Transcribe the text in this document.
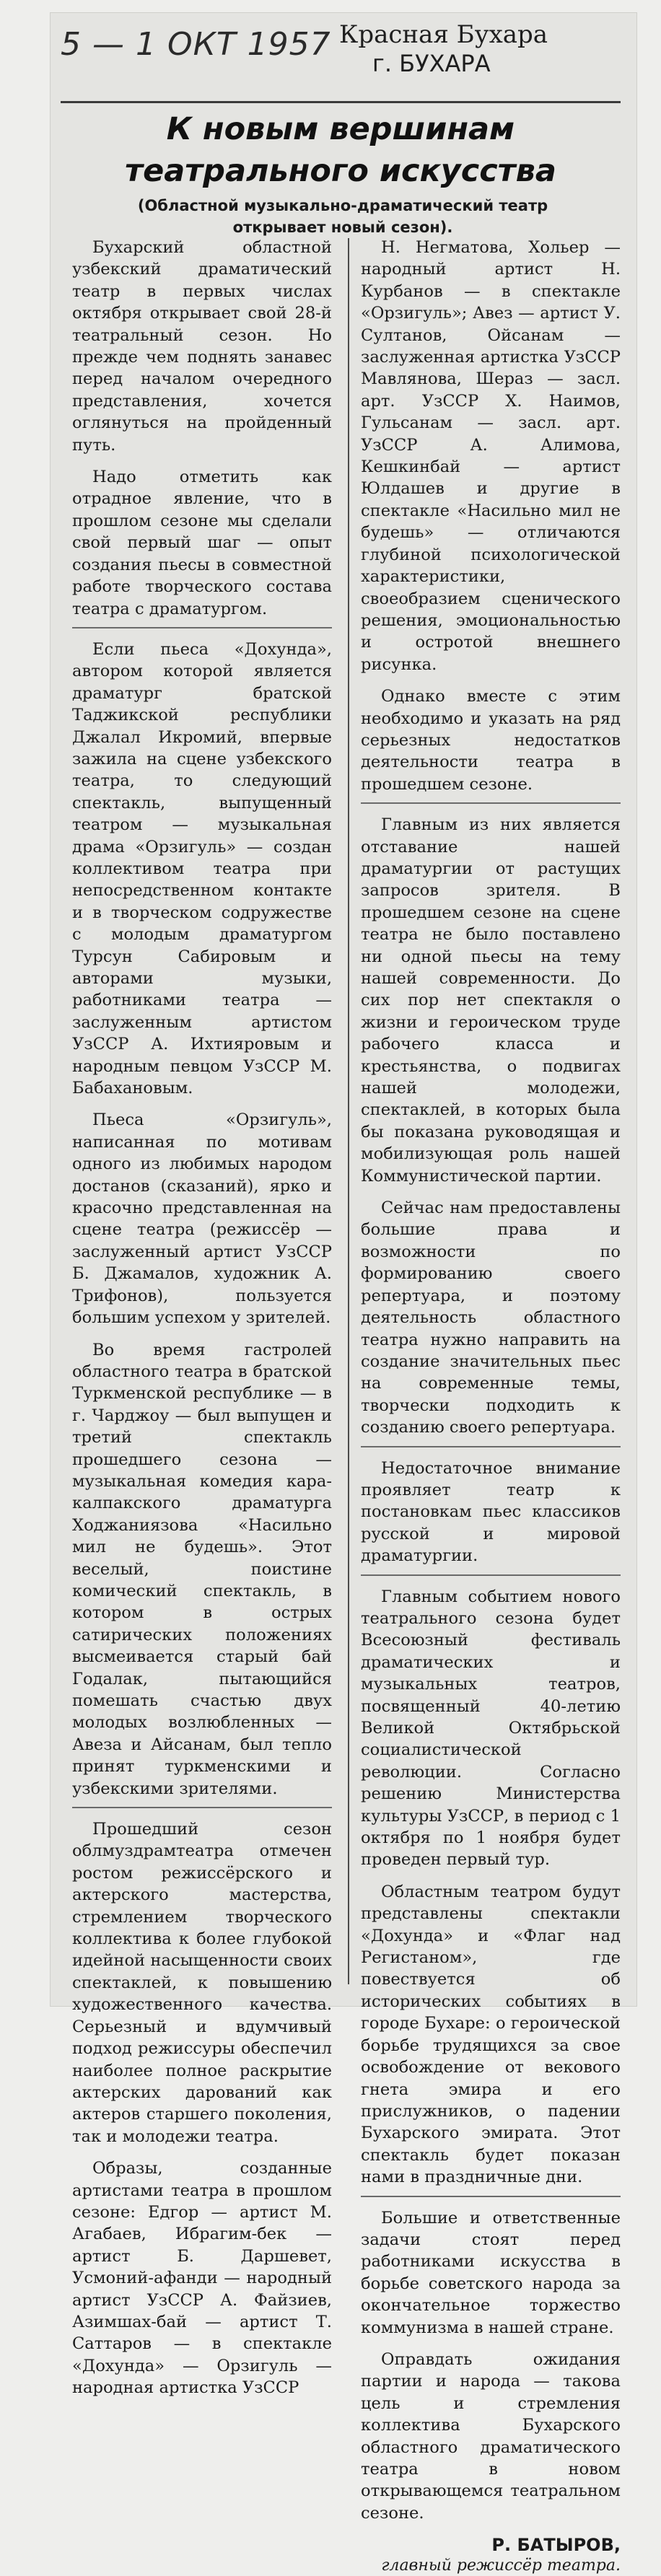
5 — 1 ОКТ 1957 Красная Бухара
г. БУХАРА
К новым вершинам театрального искусства
(Областной музыкально-драматический театр открывает новый сезон).

Бухарский областной узбекский драматический театр в первых числах октября открывает свой 28-й театральный сезон. Но прежде чем поднять занавес перед началом очередного представления, хочется оглянуться на пройденный путь.

Надо отметить как отрадное явление, что в прошлом сезоне мы сделали свой первый шаг — опыт создания пьесы в совместной работе творческого состава театра с драматургом.

Если пьеса «Дохунда», автором которой является драматург братской Таджикской республики Джалал Икромий, впервые зажила на сцене узбекского театра, то следующий спектакль, выпущенный театром — музыкальная драма «Орзигуль» — создан коллективом театра при непосредственном контакте и в творческом содружестве с молодым драматургом Турсун Сабировым и авторами музыки, работниками театра — заслуженным артистом УзССР А. Ихтияровым и народным певцом УзССР М. Бабахановым.

Пьеса «Орзигуль», написанная по мотивам одного из любимых народом достанов (сказаний), ярко и красочно представленная на сцене театра (режиссёр — заслуженный артист УзССР Б. Джамалов, художник А. Трифонов), пользуется большим успехом у зрителей.

Во время гастролей областного театра в братской Туркменской республике — в г. Чарджоу — был выпущен и третий спектакль прошедшего сезона — музыкальная комедия кара-калпакского драматурга Ходжаниязова «Насильно мил не будешь». Этот веселый, поистине комический спектакль, в котором в острых сатирических положениях высмеивается старый бай Годалак, пытающийся помешать счастью двух молодых возлюбленных — Авеза и Айсанам, был тепло принят туркменскими и узбекскими зрителями.

Прошедший сезон облмуздрамтеатра отмечен ростом режиссёрского и актерского мастерства, стремлением творческого коллектива к более глубокой идейной насыщенности своих спектаклей, к повышению художественного качества. Серьезный и вдумчивый подход режиссуры обеспечил наиболее полное раскрытие актерских дарований как актеров старшего поколения, так и молодежи театра.

Образы, созданные артистами театра в прошлом сезоне: Едгор — артист М. Агабаев, Ибрагим-бек — артист Б. Даршевет, Усмоний-афанди — народный артист УзССР А. Файзиев, Азимшах-бай — артист Т. Саттаров — в спектакле «Дохунда» — Орзигуль — народная артистка УзССР

Н. Негматова, Хольер — народный артист Н. Курбанов — в спектакле «Орзигуль»; Авез — артист У. Султанов, Ойсанам — заслуженная артистка УзССР Мавлянова, Шераз — засл. арт. УзССР Х. Наимов, Гульсанам — засл. арт. УзССР А. Алимова, Кешкинбай — артист Юлдашев и другие в спектакле «Насильно мил не будешь» — отличаются глубиной психологической характеристики, своеобразием сценического решения, эмоциональностью и остротой внешнего рисунка.

Однако вместе с этим необходимо и указать на ряд серьезных недостатков деятельности театра в прошедшем сезоне.

Главным из них является отставание нашей драматургии от растущих запросов зрителя. В прошедшем сезоне на сцене театра не было поставлено ни одной пьесы на тему нашей современности. До сих пор нет спектакля о жизни и героическом труде рабочего класса и крестьянства, о подвигах нашей молодежи, спектаклей, в которых была бы показана руководящая и мобилизующая роль нашей Коммунистической партии.

Сейчас нам предоставлены большие права и возможности по формированию своего репертуара, и поэтому деятельность областного театра нужно направить на создание значительных пьес на современные темы, творчески подходить к созданию своего репертуара.

Недостаточное внимание проявляет театр к постановкам пьес классиков русской и мировой драматургии.

Главным событием нового театрального сезона будет Всесоюзный фестиваль драматических и музыкальных театров, посвященный 40-летию Великой Октябрьской социалистической революции. Согласно решению Министерства культуры УзССР, в период с 1 октября по 1 ноября будет проведен первый тур.

Областным театром будут представлены спектакли «Дохунда» и «Флаг над Регистаном», где повествуется об исторических событиях в городе Бухаре: о героической борьбе трудящихся за свое освобождение от векового гнета эмира и его прислужников, о падении Бухарского эмирата. Этот спектакль будет показан нами в праздничные дни.

Большие и ответственные задачи стоят перед работниками искусства в борьбе советского народа за окончательное торжество коммунизма в нашей стране.

Оправдать ожидания партии и народа — такова цель и стремления коллектива Бухарского областного драматического театра в новом открывающемся театральном сезоне.

Р. БАТЫРОВ,
главный режиссёр театра.
